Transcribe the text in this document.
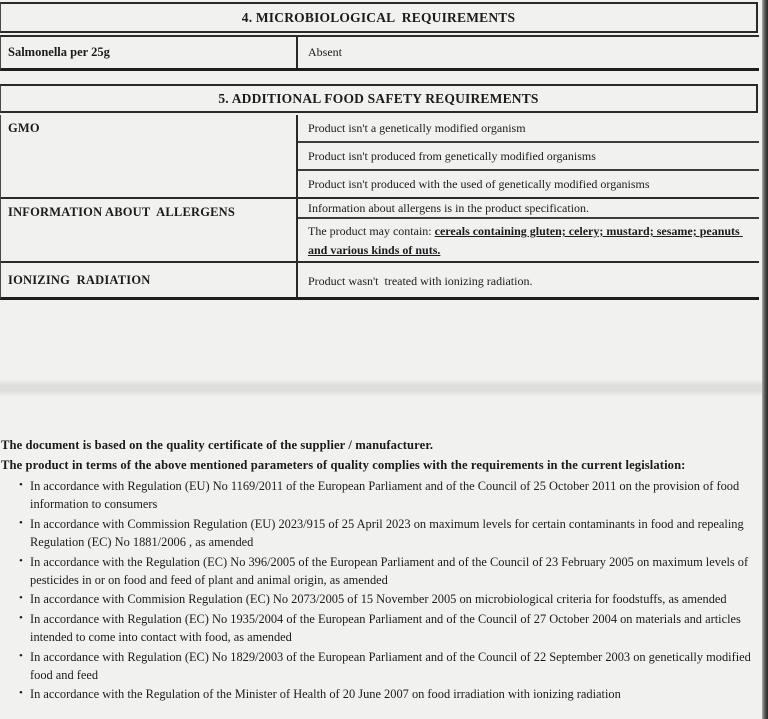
4. MICROBIOLOGICAL  REQUIREMENTS
Salmonella per 25g	Absent
5. ADDITIONAL FOOD SAFETY REQUIREMENTS
GMO	Product isn't a genetically modified organism
Product isn't produced from genetically modified organisms
Product isn't produced with the used of genetically modified organisms
INFORMATION ABOUT  ALLERGENS	Information about allergens is in the product specification.
The product may contain: cereals containing gluten; celery; mustard; sesame; peanuts and various kinds of nuts.
IONIZING  RADIATION	Product wasn't  treated with ionizing radiation.
The document is based on the quality certificate of the supplier / manufacturer.
The product in terms of the above mentioned parameters of quality complies with the requirements in the current legislation:
• In accordance with Regulation (EU) No 1169/2011 of the European Parliament and of the Council of 25 October 2011 on the provision of food information to consumers
• In accordance with Commission Regulation (EU) 2023/915 of 25 April 2023 on maximum levels for certain contaminants in food and repealing Regulation (EC) No 1881/2006 , as amended
• In accordance with the Regulation (EC) No 396/2005 of the European Parliament and of the Council of 23 February 2005 on maximum levels of pesticides in or on food and feed of plant and animal origin, as amended
• In accordance with Commision Regulation (EC) No 2073/2005 of 15 November 2005 on microbiological criteria for foodstuffs, as amended
• In accordance with Regulation (EC) No 1935/2004 of the European Parliament and of the Council of 27 October 2004 on materials and articles intended to come into contact with food, as amended
• In accordance with Regulation (EC) No 1829/2003 of the European Parliament and of the Council of 22 September 2003 on genetically modified food and feed
• In accordance with the Regulation of the Minister of Health of 20 June 2007 on food irradiation with ionizing radiation
